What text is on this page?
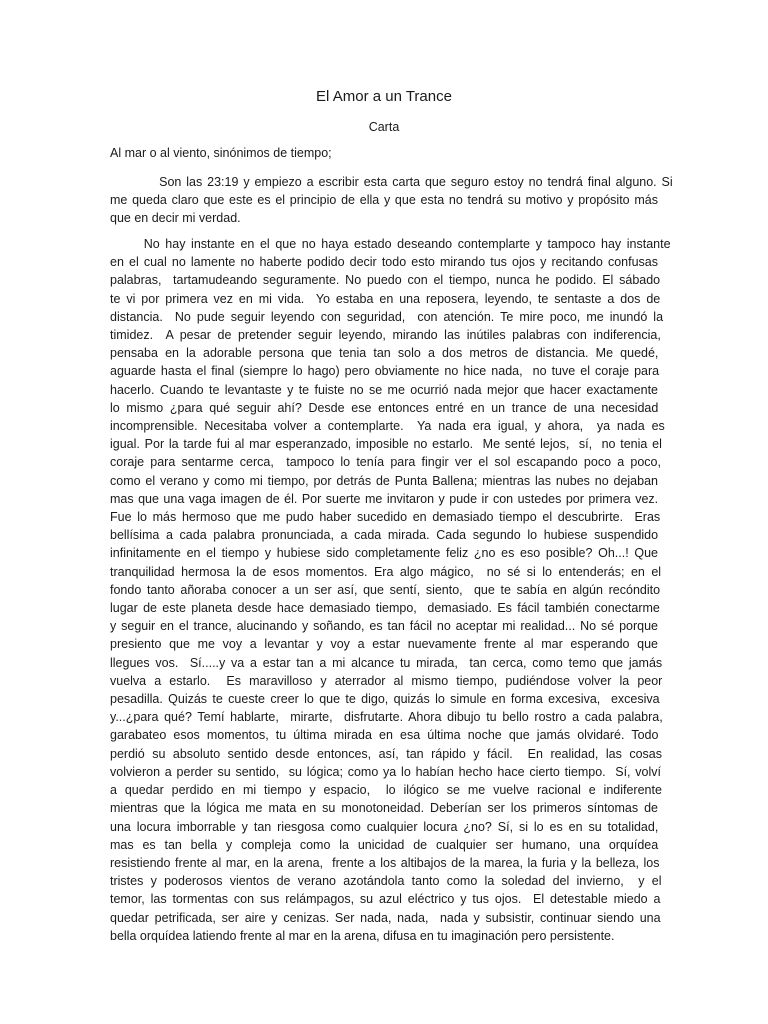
El Amor a un Trance
Carta

Al mar o al viento, sinónimos de tiempo;

Son las 23:19 y empiezo a escribir esta carta que seguro estoy no tendrá final alguno. Si
me queda claro que este es el principio de ella y que esta no tendrá su motivo y propósito más
que en decir mi verdad.
No hay instante en el que no haya estado deseando contemplarte y tampoco hay instante
en el cual no lamente no haberte podido decir todo esto mirando tus ojos y recitando confusas
palabras,  tartamudeando seguramente. No puedo con el tiempo, nunca he podido. El sábado
te vi por primera vez en mi vida.  Yo estaba en una reposera, leyendo, te sentaste a dos de
distancia.  No pude seguir leyendo con seguridad,  con atención. Te mire poco, me inundó la
timidez.  A pesar de pretender seguir leyendo, mirando las inútiles palabras con indiferencia,
pensaba en la adorable persona que tenia tan solo a dos metros de distancia. Me quedé,
aguarde hasta el final (siempre lo hago) pero obviamente no hice nada,  no tuve el coraje para
hacerlo. Cuando te levantaste y te fuiste no se me ocurrió nada mejor que hacer exactamente
lo mismo ¿para qué seguir ahí? Desde ese entonces entré en un trance de una necesidad
incomprensible. Necesitaba volver a contemplarte.  Ya nada era igual, y ahora,  ya nada es
igual. Por la tarde fui al mar esperanzado, imposible no estarlo.  Me senté lejos,  sí,  no tenia el
coraje para sentarme cerca,  tampoco lo tenía para fingir ver el sol escapando poco a poco,
como el verano y como mi tiempo, por detrás de Punta Ballena; mientras las nubes no dejaban
mas que una vaga imagen de él. Por suerte me invitaron y pude ir con ustedes por primera vez.
Fue lo más hermoso que me pudo haber sucedido en demasiado tiempo el descubrirte.  Eras
bellísima a cada palabra pronunciada, a cada mirada. Cada segundo lo hubiese suspendido
infinitamente en el tiempo y hubiese sido completamente feliz ¿no es eso posible? Oh...! Que
tranquilidad hermosa la de esos momentos. Era algo mágico,  no sé si lo entenderás; en el
fondo tanto añoraba conocer a un ser así, que sentí, siento,  que te sabía en algún recóndito
lugar de este planeta desde hace demasiado tiempo,  demasiado. Es fácil también conectarme
y seguir en el trance, alucinando y soñando, es tan fácil no aceptar mi realidad... No sé porque
presiento que me voy a levantar y voy a estar nuevamente frente al mar esperando que
llegues vos.  Sí.....y va a estar tan a mi alcance tu mirada,  tan cerca, como temo que jamás
vuelva a estarlo.  Es maravilloso y aterrador al mismo tiempo, pudiéndose volver la peor
pesadilla. Quizás te cueste creer lo que te digo, quizás lo simule en forma excesiva,  excesiva
y...¿para qué? Temí hablarte,  mirarte,  disfrutarte. Ahora dibujo tu bello rostro a cada palabra,
garabateo esos momentos, tu última mirada en esa última noche que jamás olvidaré. Todo
perdió su absoluto sentido desde entonces, así, tan rápido y fácil.  En realidad, las cosas
volvieron a perder su sentido,  su lógica; como ya lo habían hecho hace cierto tiempo.  Sí, volví
a quedar perdido en mi tiempo y espacio,  lo ilógico se me vuelve racional e indiferente
mientras que la lógica me mata en su monotoneidad. Deberían ser los primeros síntomas de
una locura imborrable y tan riesgosa como cualquier locura ¿no? Sí, si lo es en su totalidad,
mas es tan bella y compleja como la unicidad de cualquier ser humano, una orquídea
resistiendo frente al mar, en la arena,  frente a los altibajos de la marea, la furia y la belleza, los
tristes y poderosos vientos de verano azotándola tanto como la soledad del invierno,  y el
temor, las tormentas con sus relámpagos, su azul eléctrico y tus ojos.  El detestable miedo a
quedar petrificada, ser aire y cenizas. Ser nada, nada,  nada y subsistir, continuar siendo una
bella orquídea latiendo frente al mar en la arena, difusa en tu imaginación pero persistente.
